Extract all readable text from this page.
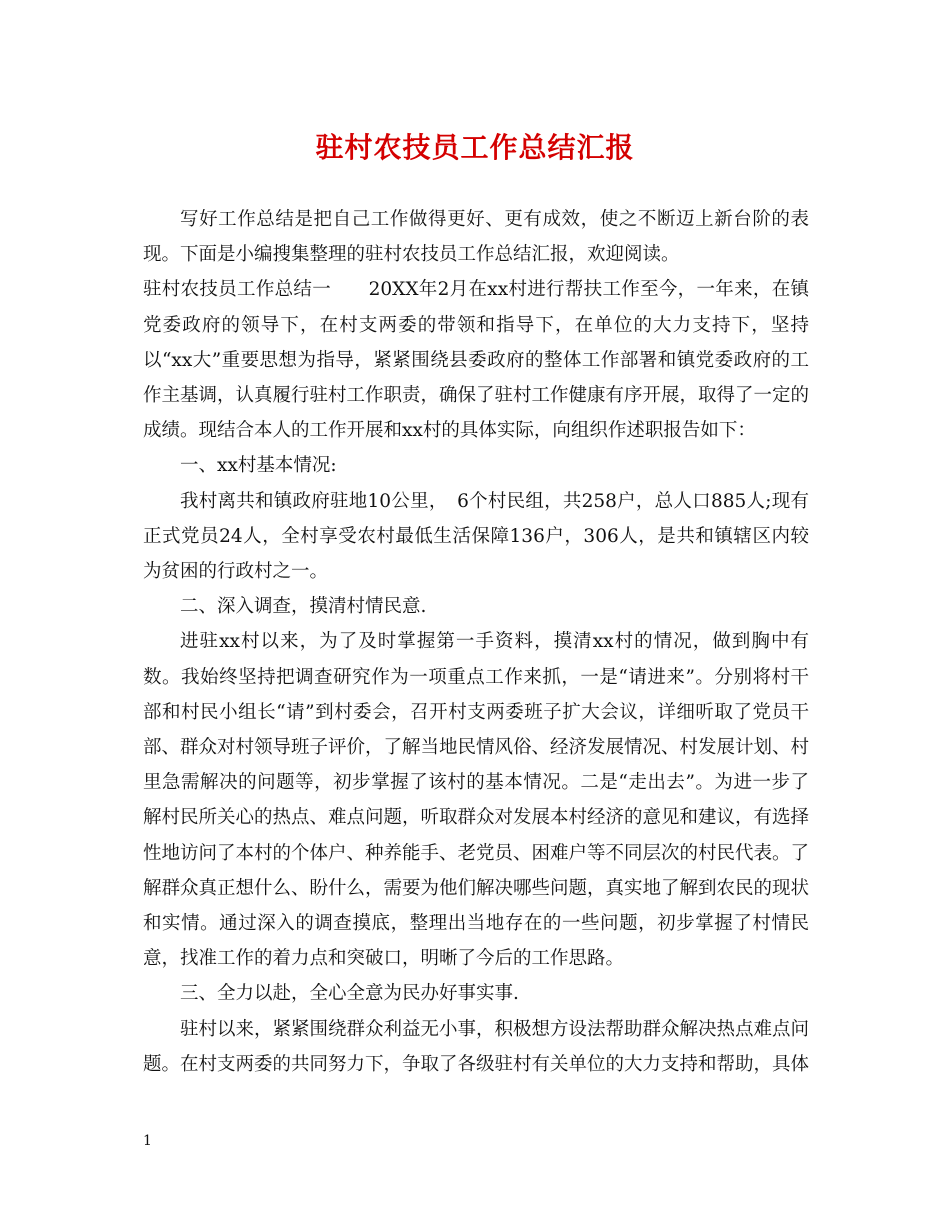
驻村农技员工作总结汇报

写好工作总结是把自己工作做得更好、更有成效，使之不断迈上新台阶的表现。下面是小编搜集整理的驻村农技员工作总结汇报，欢迎阅读。

驻村农技员工作总结一　　20XX年2月在xx村进行帮扶工作至今，一年来，在镇党委政府的领导下，在村支两委的带领和指导下，在单位的大力支持下，坚持以“xx大”重要思想为指导，紧紧围绕县委政府的整体工作部署和镇党委政府的工作主基调，认真履行驻村工作职责，确保了驻村工作健康有序开展，取得了一定的成绩。现结合本人的工作开展和xx村的具体实际，向组织作述职报告如下：

一、xx村基本情况:

我村离共和镇政府驻地10公里，　6个村民组，共258户，总人口885人;现有正式党员24人，全村享受农村最低生活保障136户，306人，是共和镇辖区内较为贫困的行政村之一。

二、深入调查，摸清村情民意.

进驻xx村以来，为了及时掌握第一手资料，摸清xx村的情况，做到胸中有数。我始终坚持把调查研究作为一项重点工作来抓，一是“请进来”。分别将村干部和村民小组长“请”到村委会，召开村支两委班子扩大会议，详细听取了党员干部、群众对村领导班子评价，了解当地民情风俗、经济发展情况、村发展计划、村里急需解决的问题等，初步掌握了该村的基本情况。二是“走出去”。为进一步了解村民所关心的热点、难点问题，听取群众对发展本村经济的意见和建议，有选择性地访问了本村的个体户、种养能手、老党员、困难户等不同层次的村民代表。了解群众真正想什么、盼什么，需要为他们解决哪些问题，真实地了解到农民的现状和实情。通过深入的调查摸底，整理出当地存在的一些问题，初步掌握了村情民意，找准工作的着力点和突破口，明晰了今后的工作思路。

三、全力以赴，全心全意为民办好事实事.

驻村以来，紧紧围绕群众利益无小事，积极想方设法帮助群众解决热点难点问题。在村支两委的共同努力下，争取了各级驻村有关单位的大力支持和帮助，具体

1
